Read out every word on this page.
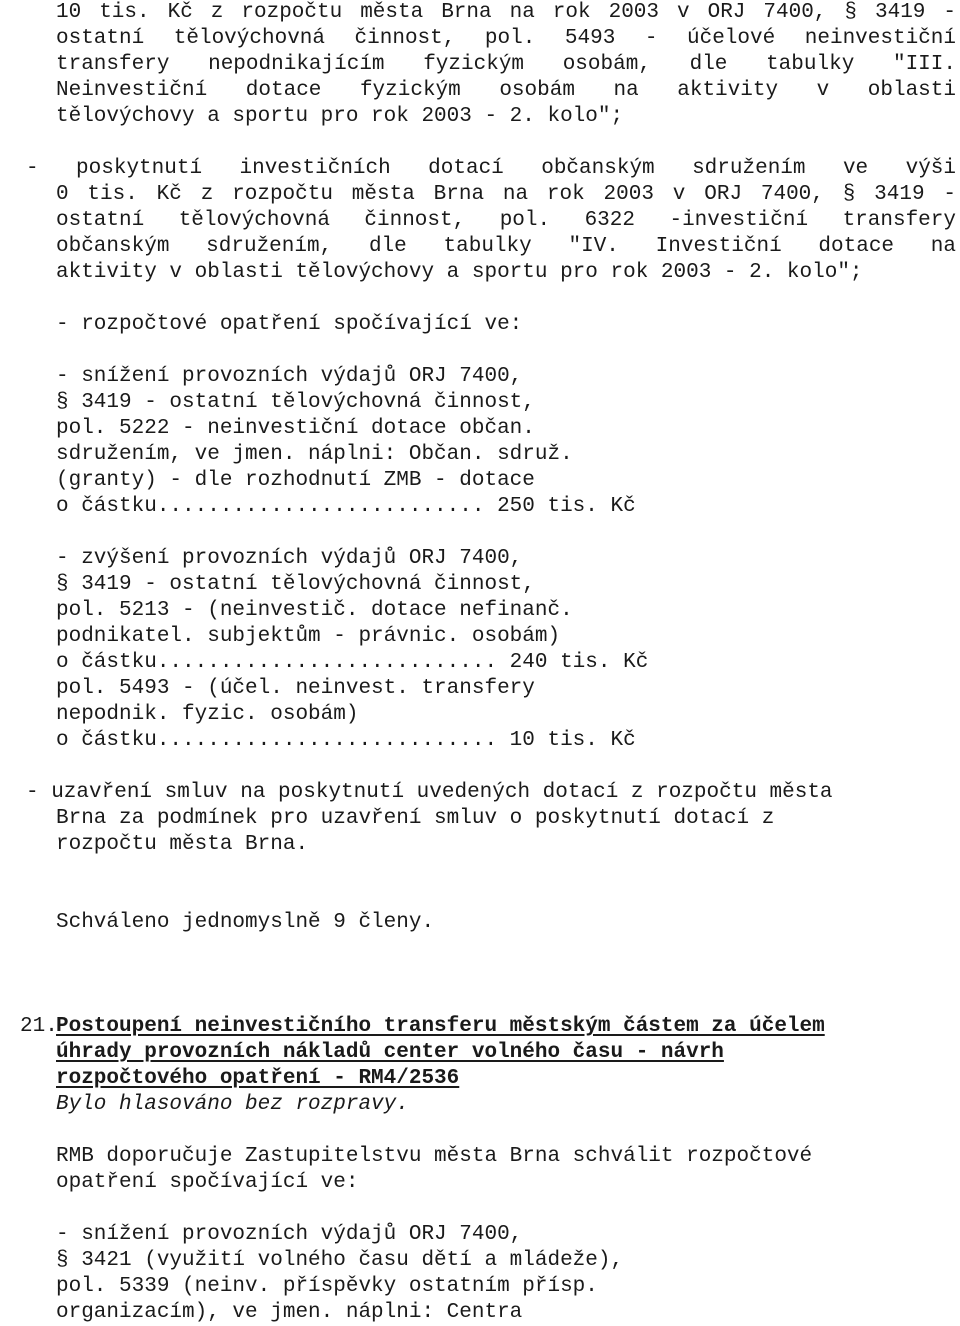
10 tis. Kč z rozpočtu města Brna na rok 2003 v ORJ 7400, § 3419 -
ostatní tělovýchovná činnost, pol. 5493 - účelové neinvestiční
transfery nepodnikajícím fyzickým osobám, dle tabulky "III.
Neinvestiční dotace fyzickým osobám na aktivity v oblasti
tělovýchovy a sportu pro rok 2003 - 2. kolo";
- poskytnutí investičních dotací občanským sdružením ve výši
0 tis. Kč z rozpočtu města Brna na rok 2003 v ORJ 7400, § 3419 -
ostatní tělovýchovná činnost, pol. 6322 -investiční transfery
občanským sdružením, dle tabulky "IV. Investiční dotace na
aktivity v oblasti tělovýchovy a sportu pro rok 2003 - 2. kolo";
- rozpočtové opatření spočívající ve:
- snížení provozních výdajů ORJ 7400,
§ 3419 - ostatní tělovýchovná činnost,
pol. 5222 - neinvestiční dotace občan.
sdružením, ve jmen. náplni: Občan. sdruž.
(granty) - dle rozhodnutí ZMB - dotace
o částku.......................... 250 tis. Kč
- zvýšení provozních výdajů ORJ 7400,
§ 3419 - ostatní tělovýchovná činnost,
pol. 5213 - (neinvestič. dotace nefinanč.
podnikatel. subjektům - právnic. osobám)
o částku........................... 240 tis. Kč
pol. 5493 - (účel. neinvest. transfery
nepodnik. fyzic. osobám)
o částku........................... 10 tis. Kč
- uzavření smluv na poskytnutí uvedených dotací z rozpočtu města
Brna za podmínek pro uzavření smluv o poskytnutí dotací z
rozpočtu města Brna.
Schváleno jednomyslně 9 členy.
21.
Postoupení neinvestičního transferu městským částem za účelem
úhrady provozních nákladů center volného času - návrh
rozpočtového opatření - RM4/2536
Bylo hlasováno bez rozpravy.
RMB doporučuje Zastupitelstvu města Brna schválit rozpočtové
opatření spočívající ve:
- snížení provozních výdajů ORJ 7400,
§ 3421 (využití volného času dětí a mládeže),
pol. 5339 (neinv. příspěvky ostatním přísp.
organizacím), ve jmen. náplni: Centra
